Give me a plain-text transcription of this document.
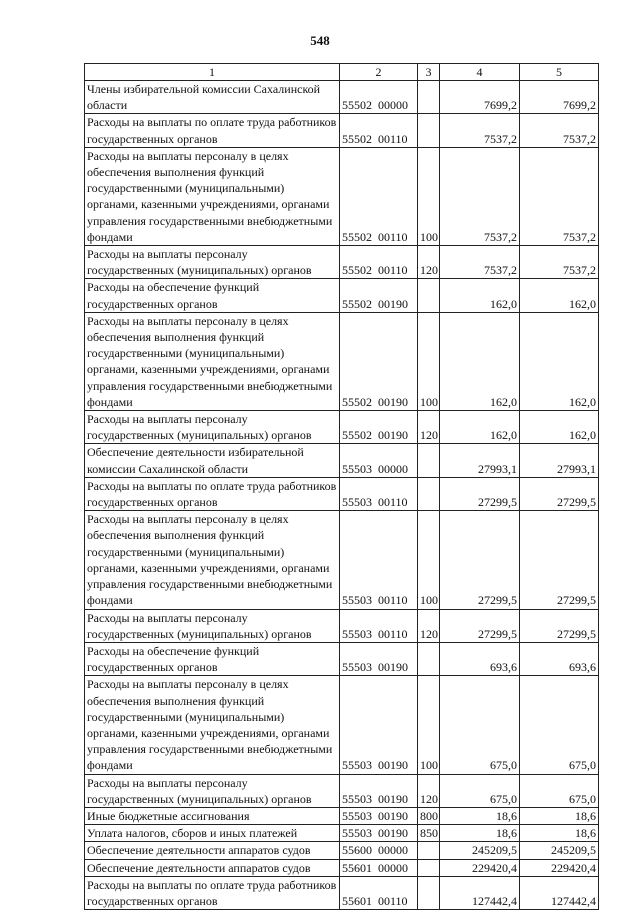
548
1	2	3	4	5
Члены избирательной комиссии Сахалинской области	55502  00000		7699,2	7699,2
Расходы на выплаты по оплате труда работников государственных органов	55502  00110		7537,2	7537,2
Расходы на выплаты персоналу в целях обеспечения выполнения функций государственными (муниципальными) органами, казенными учреждениями, органами управления государственными внебюджетными фондами	55502  00110	100	7537,2	7537,2
Расходы на выплаты персоналу государственных (муниципальных) органов	55502  00110	120	7537,2	7537,2
Расходы на обеспечение функций государственных органов	55502  00190		162,0	162,0
Расходы на выплаты персоналу в целях обеспечения выполнения функций государственными (муниципальными) органами, казенными учреждениями, органами управления государственными внебюджетными фондами	55502  00190	100	162,0	162,0
Расходы на выплаты персоналу государственных (муниципальных) органов	55502  00190	120	162,0	162,0
Обеспечение деятельности избирательной комиссии Сахалинской области	55503  00000		27993,1	27993,1
Расходы на выплаты по оплате труда работников государственных органов	55503  00110		27299,5	27299,5
Расходы на выплаты персоналу в целях обеспечения выполнения функций государственными (муниципальными) органами, казенными учреждениями, органами управления государственными внебюджетными фондами	55503  00110	100	27299,5	27299,5
Расходы на выплаты персоналу государственных (муниципальных) органов	55503  00110	120	27299,5	27299,5
Расходы на обеспечение функций государственных органов	55503  00190		693,6	693,6
Расходы на выплаты персоналу в целях обеспечения выполнения функций государственными (муниципальными) органами, казенными учреждениями, органами управления государственными внебюджетными фондами	55503  00190	100	675,0	675,0
Расходы на выплаты персоналу государственных (муниципальных) органов	55503  00190	120	675,0	675,0
Иные бюджетные ассигнования	55503  00190	800	18,6	18,6
Уплата налогов, сборов и иных платежей	55503  00190	850	18,6	18,6
Обеспечение деятельности аппаратов судов	55600  00000		245209,5	245209,5
Обеспечение деятельности аппаратов судов	55601  00000		229420,4	229420,4
Расходы на выплаты по оплате труда работников государственных органов	55601  00110		127442,4	127442,4
